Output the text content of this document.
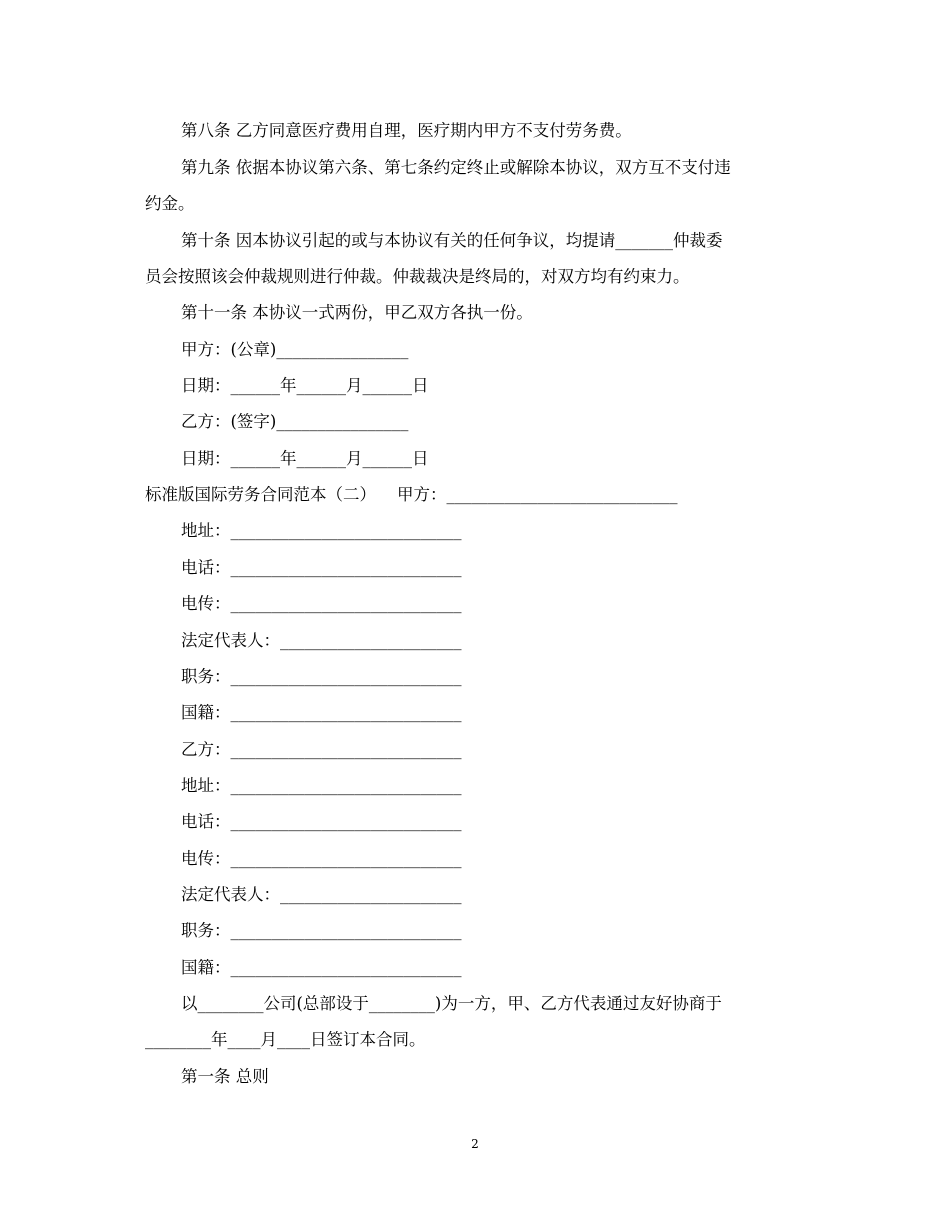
第八条 乙方同意医疗费用自理，医疗期内甲方不支付劳务费。
第九条 依据本协议第六条、第七条约定终止或解除本协议，双方互不支付违
约金。
第十条 因本协议引起的或与本协议有关的任何争议，均提请_______仲裁委
员会按照该会仲裁规则进行仲裁。仲裁裁决是终局的，对双方均有约束力。
第十一条 本协议一式两份，甲乙双方各执一份。
甲方：(公章)________________
日期：______年______月______日
乙方：(签字)________________
日期：______年______月______日
标准版国际劳务合同范本（二）    甲方：____________________________
地址：____________________________
电话：____________________________
电传：____________________________
法定代表人：______________________
职务：____________________________
国籍：____________________________
乙方：____________________________
地址：____________________________
电话：____________________________
电传：____________________________
法定代表人：______________________
职务：____________________________
国籍：____________________________
以________公司(总部设于________)为一方，甲、乙方代表通过友好协商于
________年____月____日签订本合同。
第一条 总则
2
